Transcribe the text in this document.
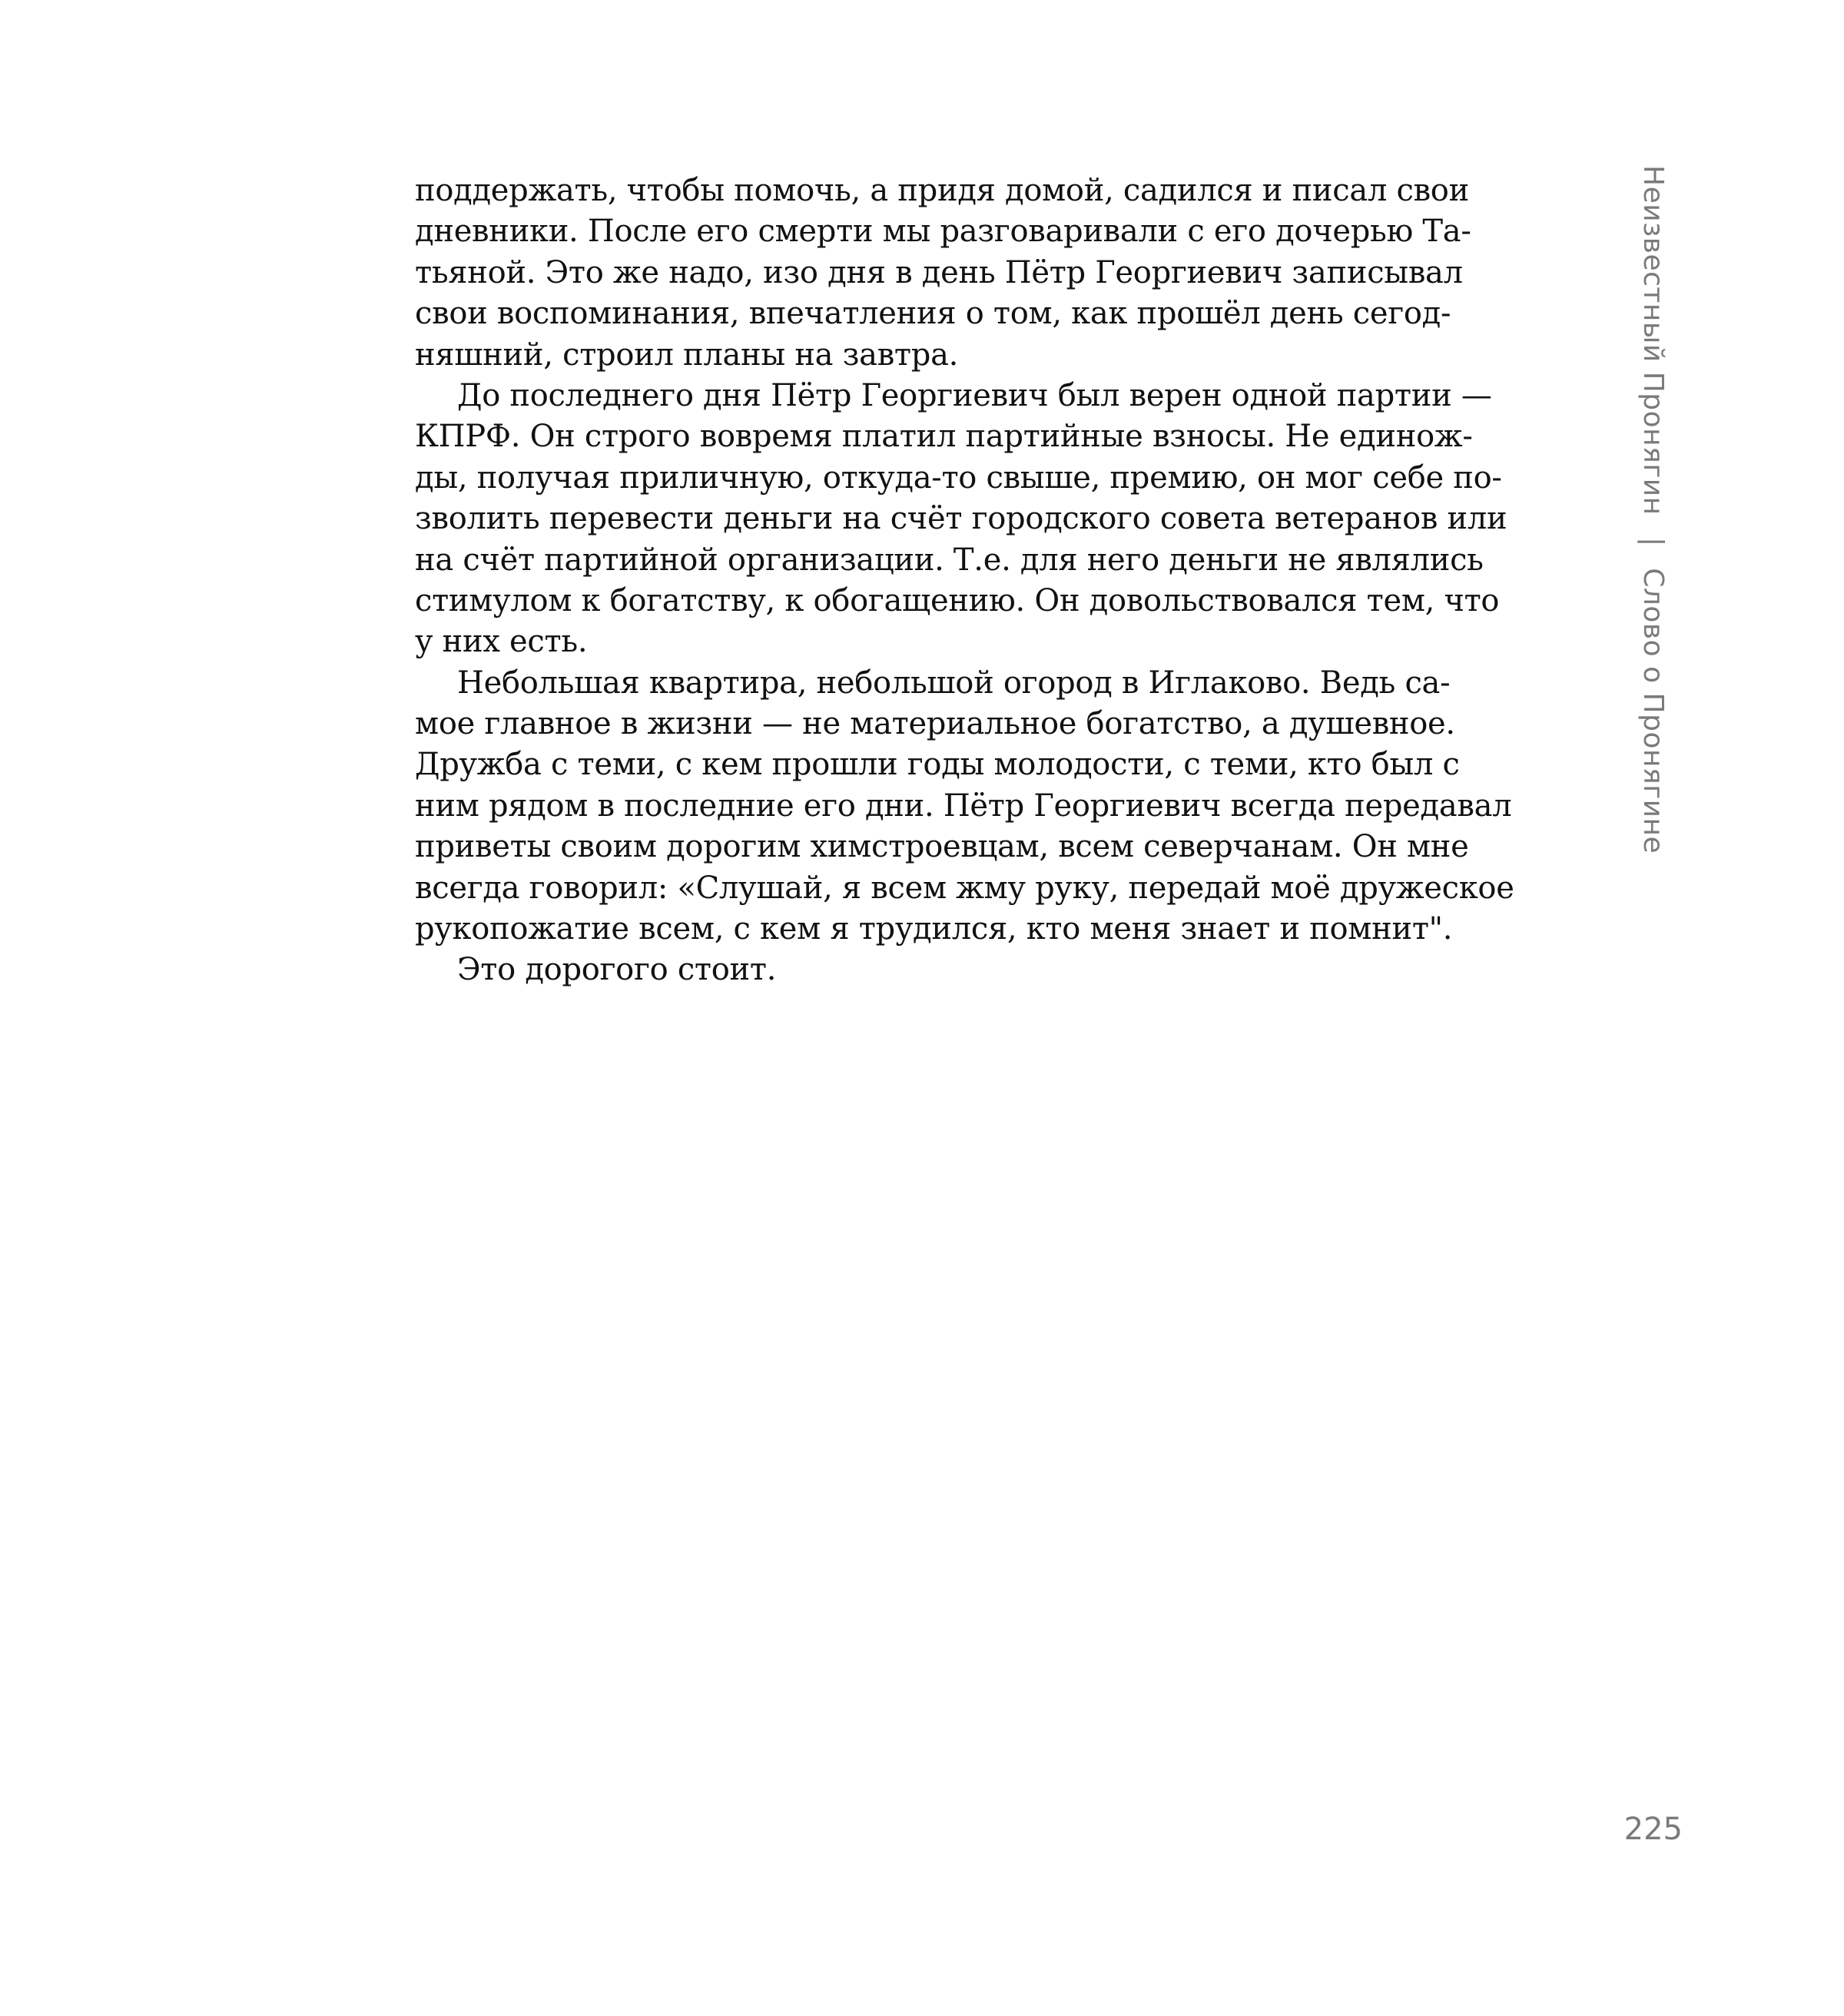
Неизвестный Пронягин | Слово о Пронягине
поддержать, чтобы помочь, а придя домой, садился и писал свои
дневники. После его смерти мы разговаривали с его дочерью Та-
тьяной. Это же надо, изо дня в день Пётр Георгиевич записывал
свои воспоминания, впечатления о том, как прошёл день сегод-
няшний, строил планы на завтра.
До последнего дня Пётр Георгиевич был верен одной партии —
КПРФ. Он строго вовремя платил партийные взносы. Не единож-
ды, получая приличную, откуда-то свыше, премию, он мог себе по-
зволить перевести деньги на счёт городского совета ветеранов или
на счёт партийной организации. Т.е. для него деньги не являлись
стимулом к богатству, к обогащению. Он довольствовался тем, что
у них есть.
Небольшая квартира, небольшой огород в Иглаково. Ведь са-
мое главное в жизни — не материальное богатство, а душевное.
Дружба с теми, с кем прошли годы молодости, с теми, кто был с
ним рядом в последние его дни. Пётр Георгиевич всегда передавал
приветы своим дорогим химстроевцам, всем северчанам. Он мне
всегда говорил: «Слушай, я всем жму руку, передай моё дружеское
рукопожатие всем, с кем я трудился, кто меня знает и помнит".
Это дорогого стоит.
225
